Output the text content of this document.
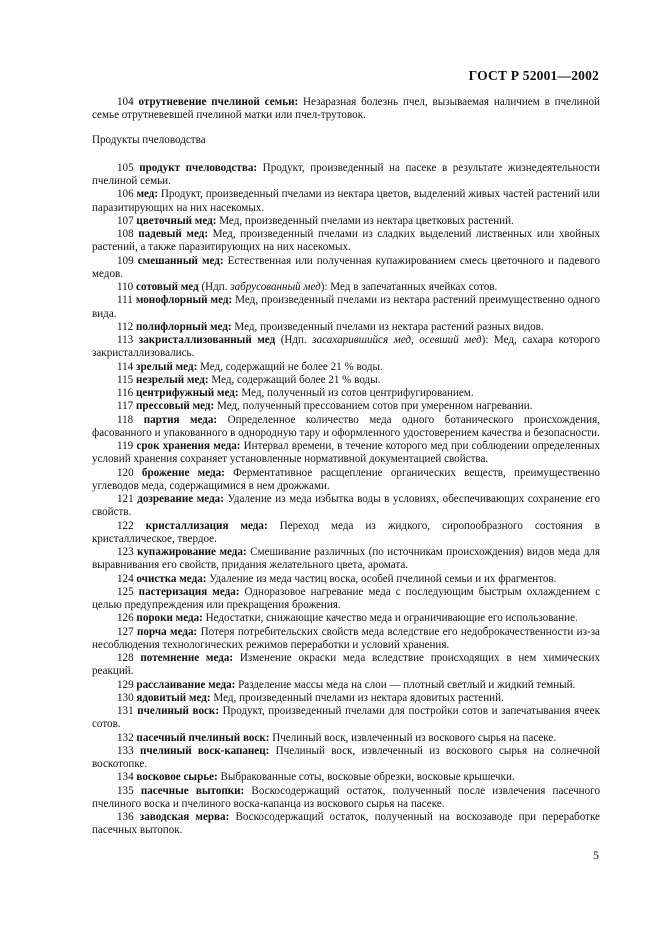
ГОСТ Р 52001—2002

104 отрутневение пчелиной семьи: Незаразная болезнь пчел, вызываемая наличием в пчелиной семье отрутневевшей пчелиной матки или пчел-трутовок.

Продукты пчеловодства

105 продукт пчеловодства: Продукт, произведенный на пасеке в результате жизнедеятельности пчелиной семьи.

106 мед: Продукт, произведенный пчелами из нектара цветов, выделений живых частей растений или паразитирующих на них насекомых.

107 цветочный мед: Мед, произведенный пчелами из нектара цветковых растений.

108 падевый мед: Мед, произведенный пчелами из сладких выделений лиственных или хвойных растений, а также паразитирующих на них насекомых.

109 смешанный мед: Естественная или полученная купажированием смесь цветочного и падевого медов.

110 сотовый мед (Ндп. забрусованный мед): Мед в запечатанных ячейках сотов.

111 монофлорный мед: Мед, произведенный пчелами из нектара растений преимущественно одного вида.

112 полифлорный мед: Мед, произведенный пчелами из нектара растений разных видов.

113 закристаллизованный мед (Ндп. засахарившийся мед, осевший мед): Мед, сахара которого закристаллизовались.

114 зрелый мед: Мед, содержащий не более 21 % воды.

115 незрелый мед: Мед, содержащий более 21 % воды.

116 центрифужный мед: Мед, полученный из сотов центрифугированием.

117 прессовый мед: Мед, полученный прессованием сотов при умеренном нагревании.

118 партия меда: Определенное количество меда одного ботанического происхождения, фасованного и упакованного в однородную тару и оформленного удостоверением качества и безопасности.

119 срок хранения меда: Интервал времени, в течение которого мед при соблюдении определенных условий хранения сохраняет установленные нормативной документацией свойства.

120 брожение меда: Ферментативное расщепление органических веществ, преимущественно углеводов меда, содержащимися в нем дрожжами.

121 дозревание меда: Удаление из меда избытка воды в условиях, обеспечивающих сохранение его свойств.

122 кристаллизация меда: Переход меда из жидкого, сиропообразного состояния в кристаллическое, твердое.

123 купажирование меда: Смешивание различных (по источникам происхождения) видов меда для выравнивания его свойств, придания желательного цвета, аромата.

124 очистка меда: Удаление из меда частиц воска, особей пчелиной семьи и их фрагментов.

125 пастеризация меда: Одноразовое нагревание меда с последующим быстрым охлаждением с целью предупреждения или прекращения брожения.

126 пороки меда: Недостатки, снижающие качество меда и ограничивающие его использование.

127 порча меда: Потеря потребительских свойств меда вследствие его недоброкачественности из-за несоблюдения технологических режимов переработки и условий хранения.

128 потемнение меда: Изменение окраски меда вследствие происходящих в нем химических реакций.

129 расслаивание меда: Разделение массы меда на слои — плотный светлый и жидкий темный.

130 ядовитый мед: Мед, произведенный пчелами из нектара ядовитых растений.

131 пчелиный воск: Продукт, произведенный пчелами для постройки сотов и запечатывания ячеек сотов.

132 пасечный пчелиный воск: Пчелиный воск, извлеченный из воскового сырья на пасеке.

133 пчелиный воск-капанец: Пчелиный воск, извлеченный из воскового сырья на солнечной воскотопке.

134 восковое сырье: Выбракованные соты, восковые обрезки, восковые крышечки.

135 пасечные вытопки: Воскосодержащий остаток, полученный после извлечения пасечного пчелиного воска и пчелиного воска-капанца из воскового сырья на пасеке.

136 заводская мерва: Воскосодержащий остаток, полученный на воскозаводе при переработке пасечных вытопок.

5
